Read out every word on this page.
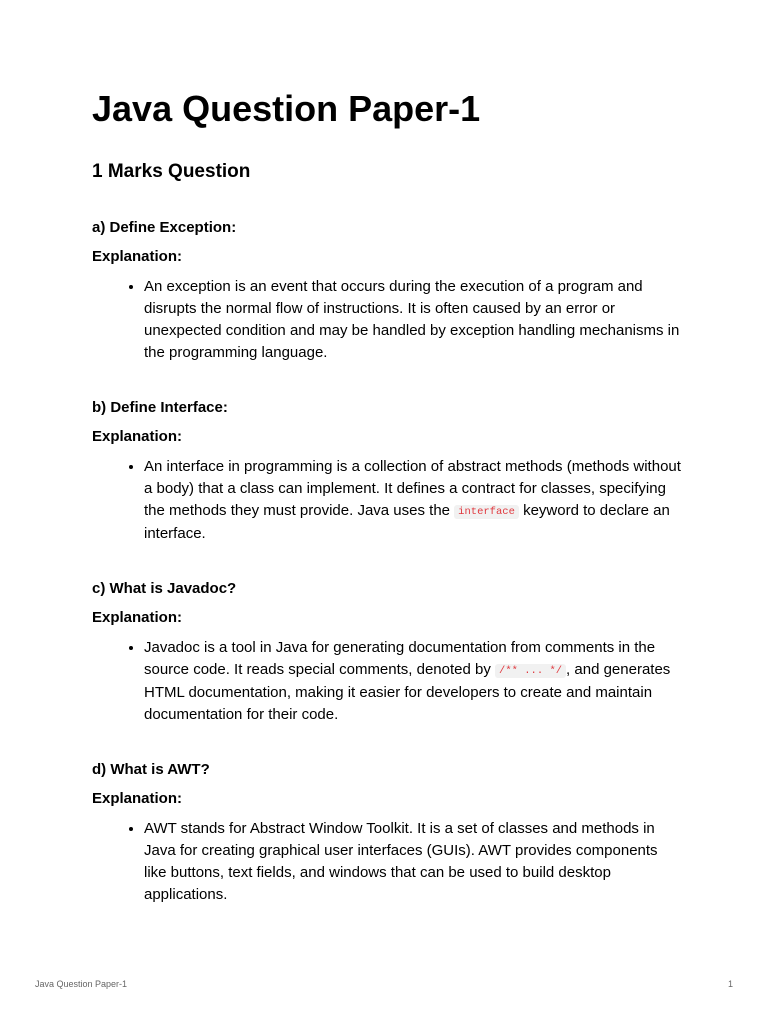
Java Question Paper-1
1 Marks Question

a) Define Exception:

Explanation:

• An exception is an event that occurs during the execution of a program and disrupts the normal flow of instructions. It is often caused by an error or unexpected condition and may be handled by exception handling mechanisms in the programming language.

b) Define Interface:

Explanation:

• An interface in programming is a collection of abstract methods (methods without a body) that a class can implement. It defines a contract for classes, specifying the methods they must provide. Java uses the interface keyword to declare an interface.

c) What is Javadoc?

Explanation:

• Javadoc is a tool in Java for generating documentation from comments in the source code. It reads special comments, denoted by /** ... */ , and generates HTML documentation, making it easier for developers to create and maintain documentation for their code.

d) What is AWT?

Explanation:

• AWT stands for Abstract Window Toolkit. It is a set of classes and methods in Java for creating graphical user interfaces (GUIs). AWT provides components like buttons, text fields, and windows that can be used to build desktop applications.
Java Question Paper-1	1
